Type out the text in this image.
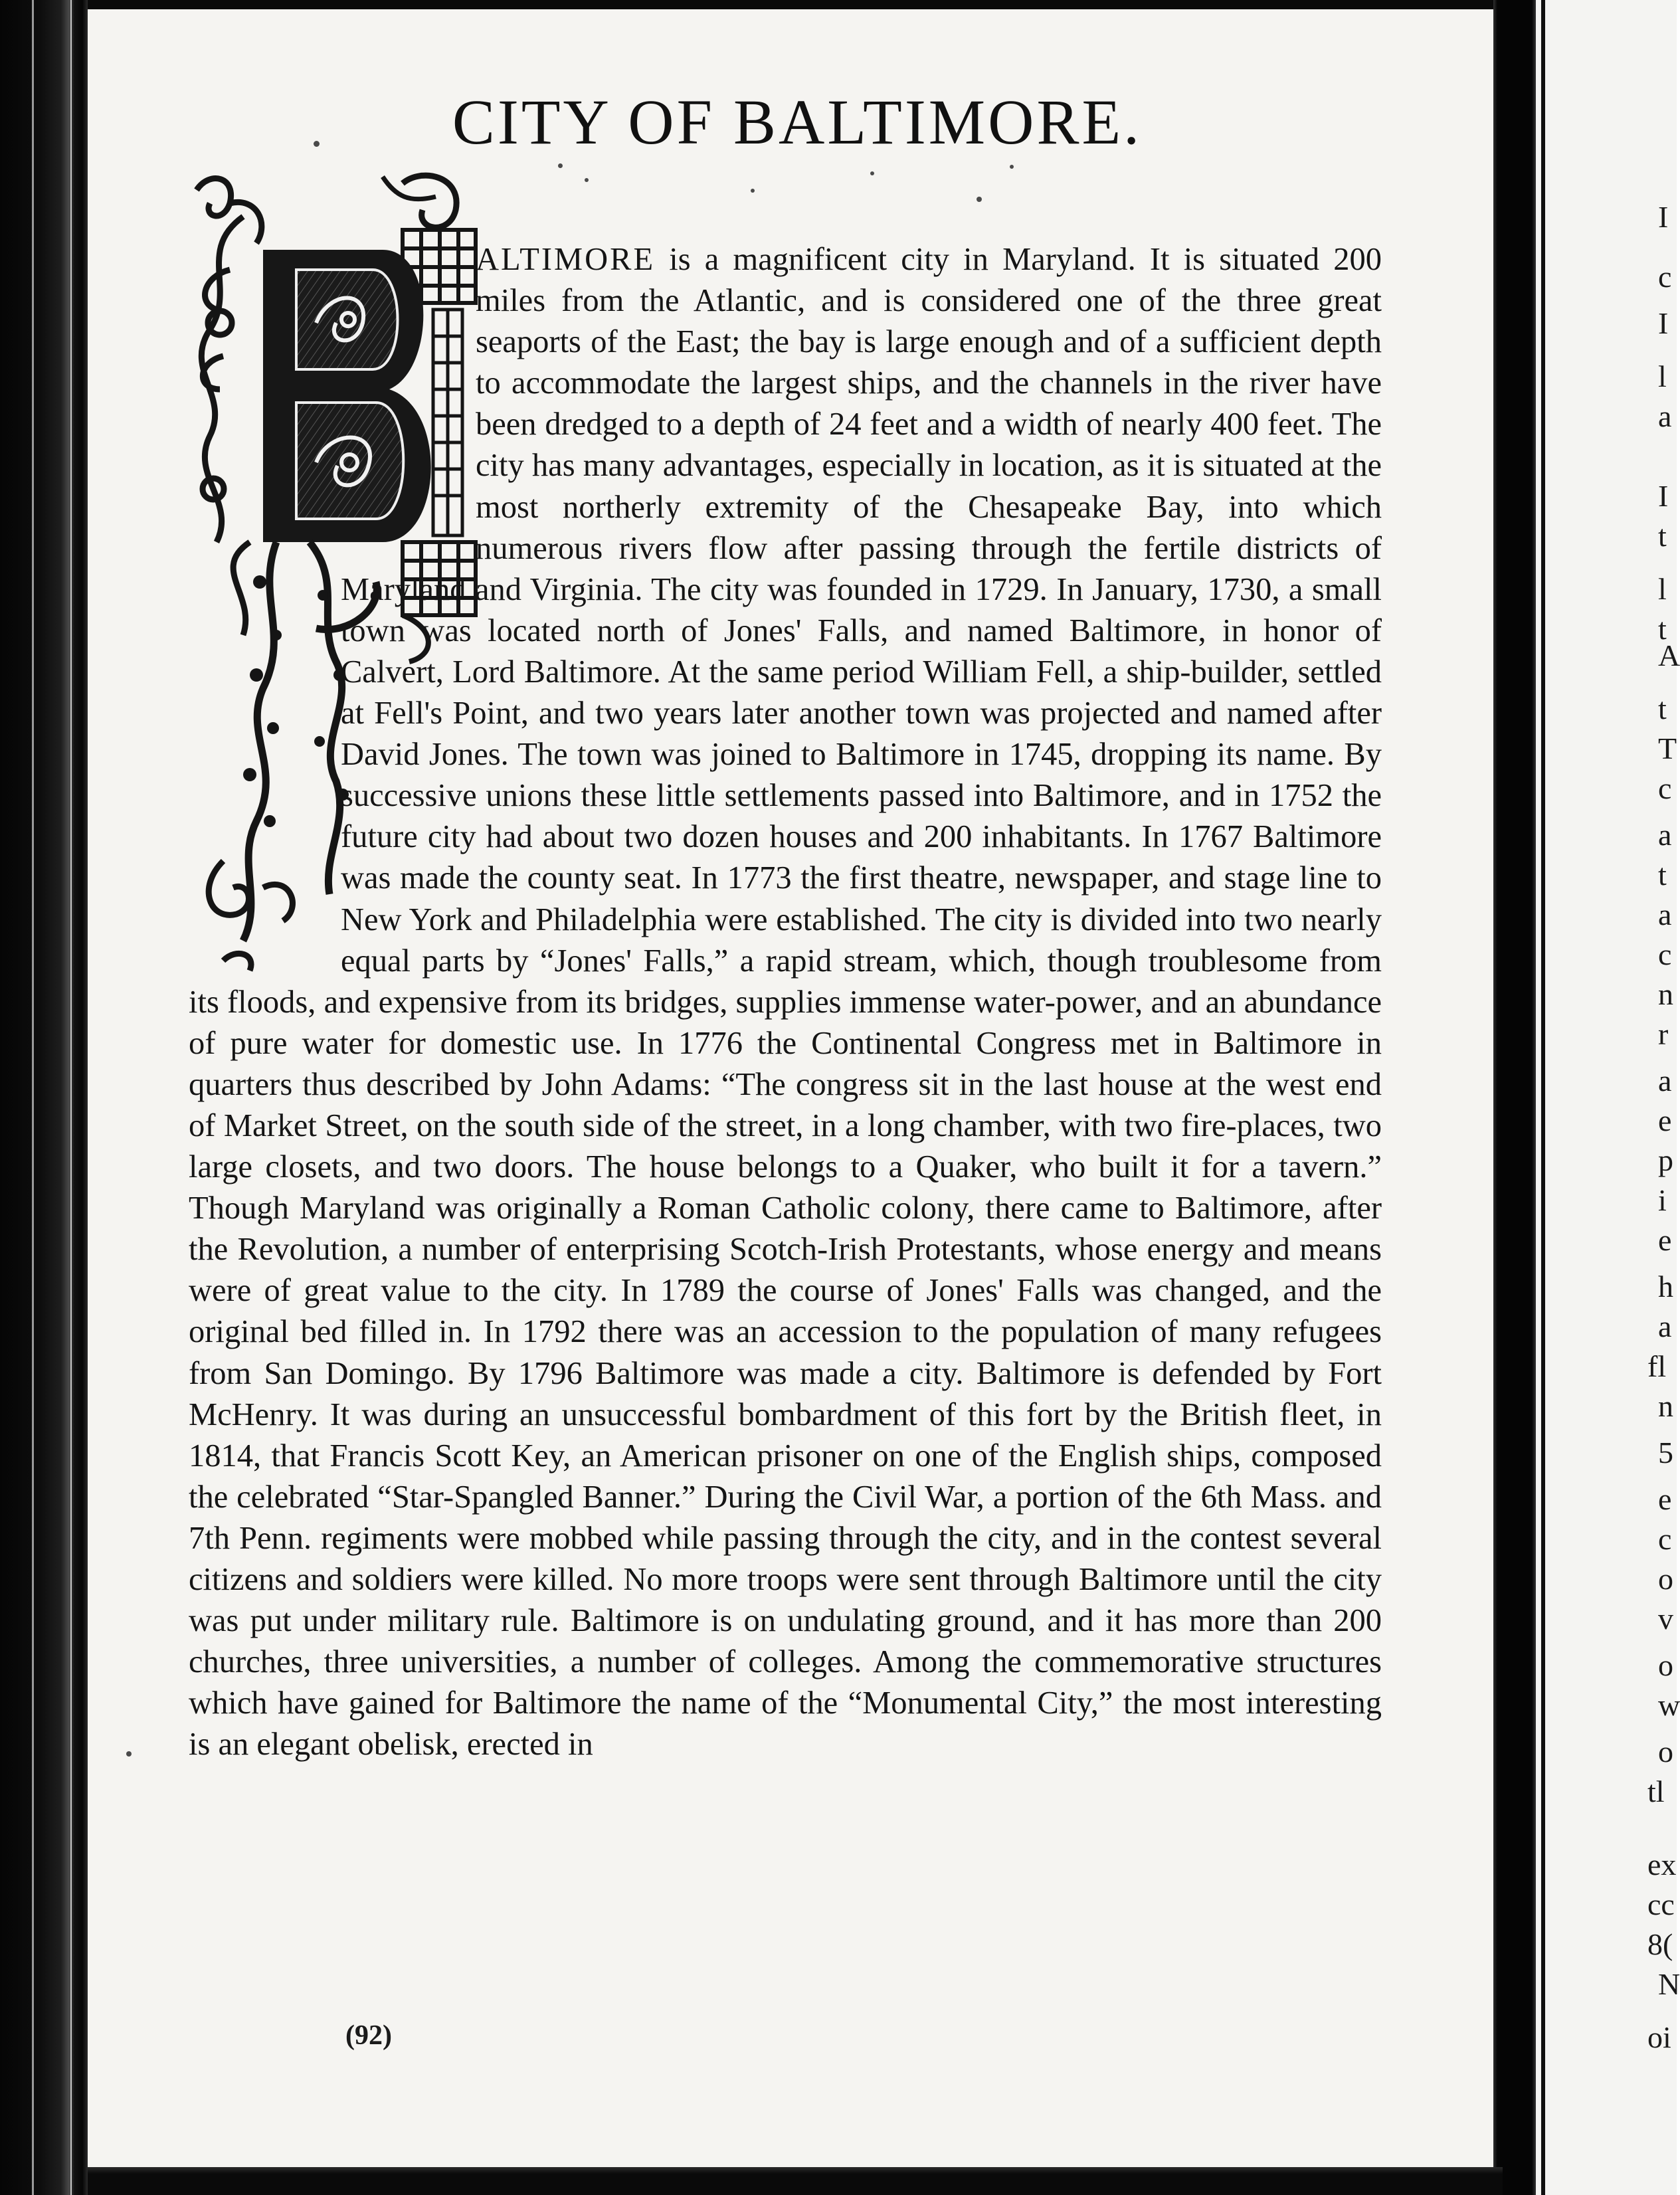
I
c
I
l
a
I
t
l
t
A
t
T
c
a
t
a
c
n
r
a
e
p
i
e
h
a
fl
n
5
e
c
o
v
o
w
o
tl
ex
cc
8(
N
oi
CITY OF BALTIMORE.
ALTIMORE is a magnificent city in Maryland. It is situated 200 miles from the Atlantic, and is considered one of the three great seaports of the East; the bay is large enough and of a sufficient depth to accommodate the largest ships, and the channels in the river have been dredged to a depth of 24 feet and a width of nearly 400 feet. The city has many advantages, especially in location, as it is situated at the most northerly extremity of the Chesapeake Bay, into which numerous rivers flow after passing through the fertile districts of Maryland and Virginia. The city was founded in 1729. In January, 1730, a small town was located north of Jones' Falls, and named Baltimore, in honor of Calvert, Lord Baltimore. At the same period William Fell, a ship-builder, settled at Fell's Point, and two years later another town was projected and named after David Jones. The town was joined to Baltimore in 1745, dropping its name. By successive unions these little settlements passed into Baltimore, and in 1752 the future city had about two dozen houses and 200 inhabitants. In 1767 Baltimore was made the county seat. In 1773 the first theatre, newspaper, and stage line to New York and Philadelphia were established. The city is divided into two nearly equal parts by “Jones' Falls,” a rapid stream, which, though troublesome from its floods, and expensive from its bridges, supplies immense water-power, and an abundance of pure water for domestic use. In 1776 the Continental Congress met in Baltimore in quarters thus described by John Adams: “The congress sit in the last house at the west end of Market Street, on the south side of the street, in a long chamber, with two fire-places, two large closets, and two doors. The house belongs to a Quaker, who built it for a tavern.” Though Maryland was originally a Roman Catholic colony, there came to Baltimore, after the Revolution, a number of enterprising Scotch-Irish Protestants, whose energy and means were of great value to the city. In 1789 the course of Jones' Falls was changed, and the original bed filled in. In 1792 there was an accession to the population of many refugees from San Domingo. By 1796 Baltimore was made a city. Baltimore is defended by Fort McHenry. It was during an unsuccessful bombardment of this fort by the British fleet, in 1814, that Francis Scott Key, an American prisoner on one of the English ships, composed the celebrated “Star-Spangled Banner.” During the Civil War, a portion of the 6th Mass. and 7th Penn. regiments were mobbed while passing through the city, and in the contest several citizens and soldiers were killed. No more troops were sent through Baltimore until the city was put under military rule. Baltimore is on undulating ground, and it has more than 200 churches, three universities, a number of colleges. Among the commemorative structures which have gained for Baltimore the name of the “Monumental City,” the most interesting is an elegant obelisk, erected in
(92)
